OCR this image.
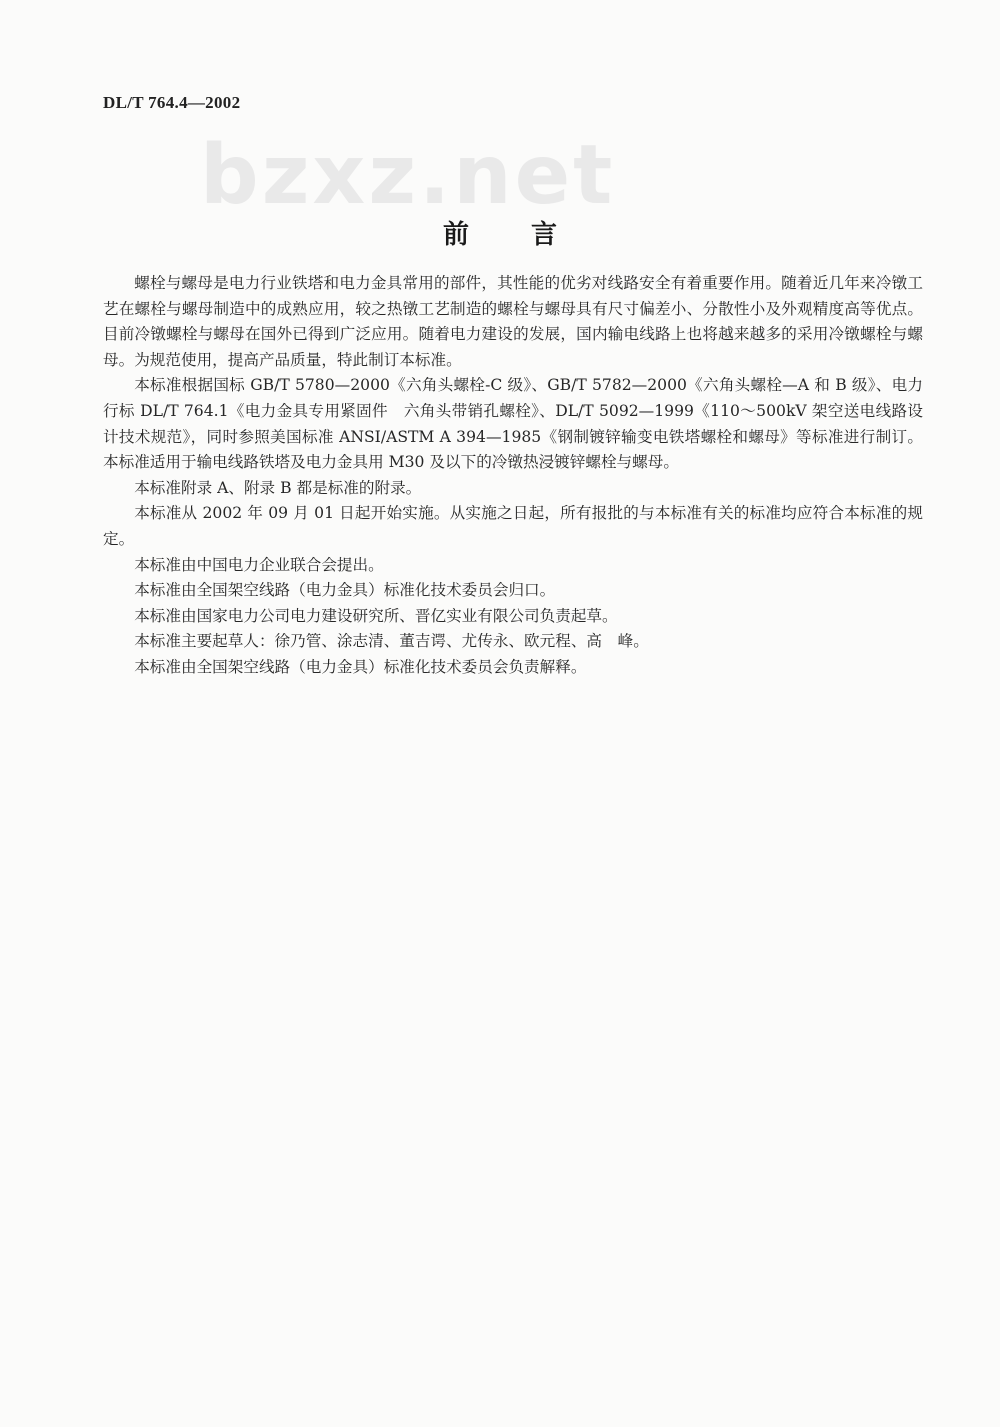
DL/T 764.4—2002
bzxz.net
前言

螺栓与螺母是电力行业铁塔和电力金具常用的部件，其性能的优劣对线路安全有着重要作用。随着近几年来冷镦工艺在螺栓与螺母制造中的成熟应用，较之热镦工艺制造的螺栓与螺母具有尺寸偏差小、分散性小及外观精度高等优点。目前冷镦螺栓与螺母在国外已得到广泛应用。随着电力建设的发展，国内输电线路上也将越来越多的采用冷镦螺栓与螺母。为规范使用，提高产品质量，特此制订本标准。

本标准根据国标 GB/T 5780—2000《六角头螺栓-C 级》、GB/T 5782—2000《六角头螺栓—A 和 B 级》、电力行标 DL/T 764.1《电力金具专用紧固件　六角头带销孔螺栓》、DL/T 5092—1999《110～500kV 架空送电线路设计技术规范》，同时参照美国标准 ANSI/ASTM A 394—1985《钢制镀锌输变电铁塔螺栓和螺母》等标准进行制订。本标准适用于输电线路铁塔及电力金具用 M30 及以下的冷镦热浸镀锌螺栓与螺母。

本标准附录 A、附录 B 都是标准的附录。

本标准从 2002 年 09 月 01 日起开始实施。从实施之日起，所有报批的与本标准有关的标准均应符合本标准的规定。

本标准由中国电力企业联合会提出。

本标准由全国架空线路（电力金具）标准化技术委员会归口。

本标准由国家电力公司电力建设研究所、晋亿实业有限公司负责起草。

本标准主要起草人：徐乃管、涂志清、董吉谔、尤传永、欧元程、高　峰。

本标准由全国架空线路（电力金具）标准化技术委员会负责解释。
